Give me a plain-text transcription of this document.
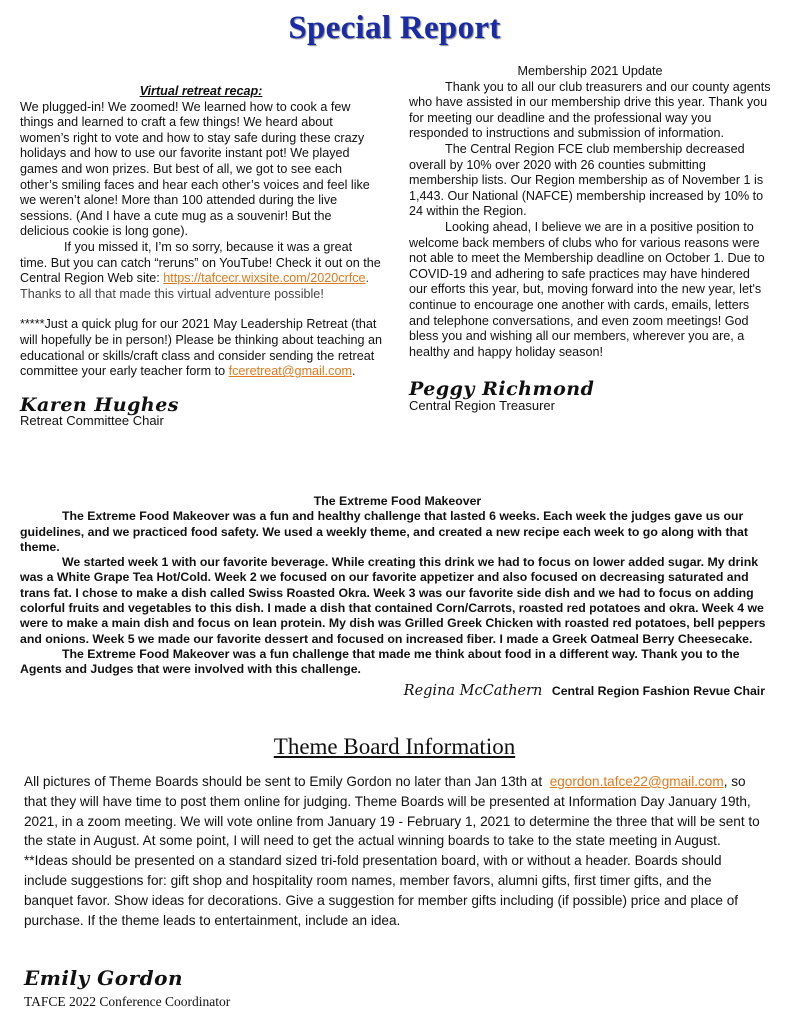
Special Report

Virtual retreat recap:

We plugged-in! We zoomed! We learned how to cook a few things and learned to craft a few things! We heard about women’s right to vote and how to stay safe during these crazy holidays and how to use our favorite instant pot! We played games and won prizes. But best of all, we got to see each other’s smiling faces and hear each other’s voices and feel like we weren’t alone! More than 100 attended during the live sessions. (And I have a cute mug as a souvenir! But the delicious cookie is long gone).

If you missed it, I’m so sorry, because it was a great time. But you can catch “reruns” on YouTube! Check it out on the Central Region Web site: https://tafcecr.wixsite.com/2020crfce. Thanks to all that made this virtual adventure possible!

*****Just a quick plug for our 2021 May Leadership Retreat (that will hopefully be in person!) Please be thinking about teaching an educational or skills/craft class and consider sending the retreat committee your early teacher form to fceretreat@gmail.com.

Karen Hughes

Retreat Committee Chair

Membership 2021 Update

Thank you to all our club treasurers and our county agents who have assisted in our membership drive this year. Thank you for meeting our deadline and the professional way you responded to instructions and submission of information.

The Central Region FCE club membership decreased overall by 10% over 2020 with 26 counties submitting membership lists. Our Region membership as of November 1 is 1,443. Our National (NAFCE) membership increased by 10% to 24 within the Region.

Looking ahead, I believe we are in a positive position to welcome back members of clubs who for various reasons were not able to meet the Membership deadline on October 1. Due to COVID-19 and adhering to safe practices may have hindered our efforts this year, but, moving forward into the new year, let's continue to encourage one another with cards, emails, letters and telephone conversations, and even zoom meetings! God bless you and wishing all our members, wherever you are, a healthy and happy holiday season!

Peggy Richmond

Central Region Treasurer

The Extreme Food Makeover

The Extreme Food Makeover was a fun and healthy challenge that lasted 6 weeks. Each week the judges gave us our guidelines, and we practiced food safety. We used a weekly theme, and created a new recipe each week to go along with that theme.

We started week 1 with our favorite beverage. While creating this drink we had to focus on lower added sugar. My drink was a White Grape Tea Hot/Cold. Week 2 we focused on our favorite appetizer and also focused on decreasing saturated and trans fat. I chose to make a dish called Swiss Roasted Okra. Week 3 was our favorite side dish and we had to focus on adding colorful fruits and vegetables to this dish. I made a dish that contained Corn/Carrots, roasted red potatoes and okra. Week 4 we were to make a main dish and focus on lean protein. My dish was Grilled Greek Chicken with roasted red potatoes, bell peppers and onions. Week 5 we made our favorite dessert and focused on increased fiber. I made a Greek Oatmeal Berry Cheesecake.

The Extreme Food Makeover was a fun challenge that made me think about food in a different way. Thank you to the Agents and Judges that were involved with this challenge.

Regina McCathern Central Region Fashion Revue Chair

Theme Board Information

All pictures of Theme Boards should be sent to Emily Gordon no later than Jan 13th at egordon.tafce22@gmail.com, so that they will have time to post them online for judging. Theme Boards will be presented at Information Day January 19th, 2021, in a zoom meeting. We will vote online from January 19 - February 1, 2021 to determine the three that will be sent to the state in August. At some point, I will need to get the actual winning boards to take to the state meeting in August.

**Ideas should be presented on a standard sized tri-fold presentation board, with or without a header. Boards should include suggestions for: gift shop and hospitality room names, member favors, alumni gifts, first timer gifts, and the banquet favor. Show ideas for decorations. Give a suggestion for member gifts including (if possible) price and place of purchase. If the theme leads to entertainment, include an idea.

Emily Gordon

TAFCE 2022 Conference Coordinator
